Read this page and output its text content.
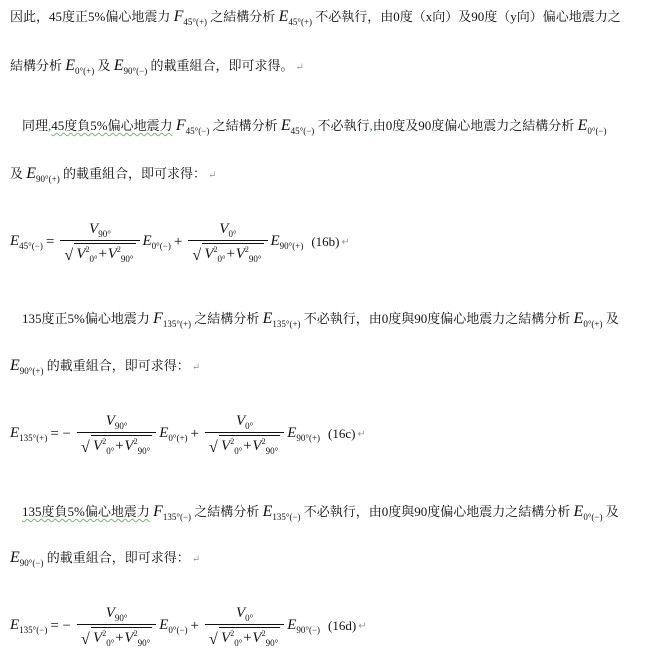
因此，45度正5%偏心地震力 $F_{45^\circ(+)}$ 之結構分析 $E_{45^\circ(+)}$ 不必執行，由0度（x向）及90度（y向）偏心地震力之
結構分析 $E_{0^\circ(+)}$ 及 $E_{90^\circ(-)}$ 的載重組合，即可求得。 ↵
同理,45度負5%偏心地震力 $F_{45^\circ(-)}$ 之結構分析 $E_{45^\circ(-)}$ 不必執行,由0度及90度偏心地震力之結構分析 $E_{0^\circ(-)}$
及 $E_{90^\circ(+)}$ 的載重組合，即可求得： ↵
$E_{45^\circ(-)} = \frac{V_{90^\circ}}{√ V^2_{0^\circ}+V^2_{90^\circ}} E_{0^\circ(-)} + \frac{V_{0^\circ}}{√ V^2_{0^\circ}+V^2_{90^\circ}} E_{90^\circ(+)}$ (16b) ↵
135度正5%偏心地震力 $F_{135^\circ(+)}$ 之結構分析 $E_{135^\circ(+)}$ 不必執行，由0度與90度偏心地震力之結構分析 $E_{0^\circ(+)}$ 及
$E_{90^\circ(+)}$ 的載重組合，即可求得： ↵
$E_{135^\circ(+)}$ = − $\frac{V_{90^\circ}}{√ V^2_{0^\circ}+V^2_{90^\circ}} E_{0^\circ(+)} + \frac{V_{0^\circ}}{√ V^2_{0^\circ}+V^2_{90^\circ}} E_{90^\circ(+)}$ (16c) ↵
135度負5%偏心地震力 $F_{135^\circ(-)}$ 之結構分析 $E_{135^\circ(-)}$ 不必執行，由0度與90度偏心地震力之結構分析 $E_{0^\circ(-)}$ 及
$E_{90^\circ(-)}$ 的載重組合，即可求得： ↵
$E_{135^\circ(-)}$ = − $\frac{V_{90^\circ}}{√ V^2_{0^\circ}+V^2_{90^\circ}} E_{0^\circ(-)} + \frac{V_{0^\circ}}{√ V^2_{0^\circ}+V^2_{90^\circ}} E_{90^\circ(-)}$ (16d) ↵
